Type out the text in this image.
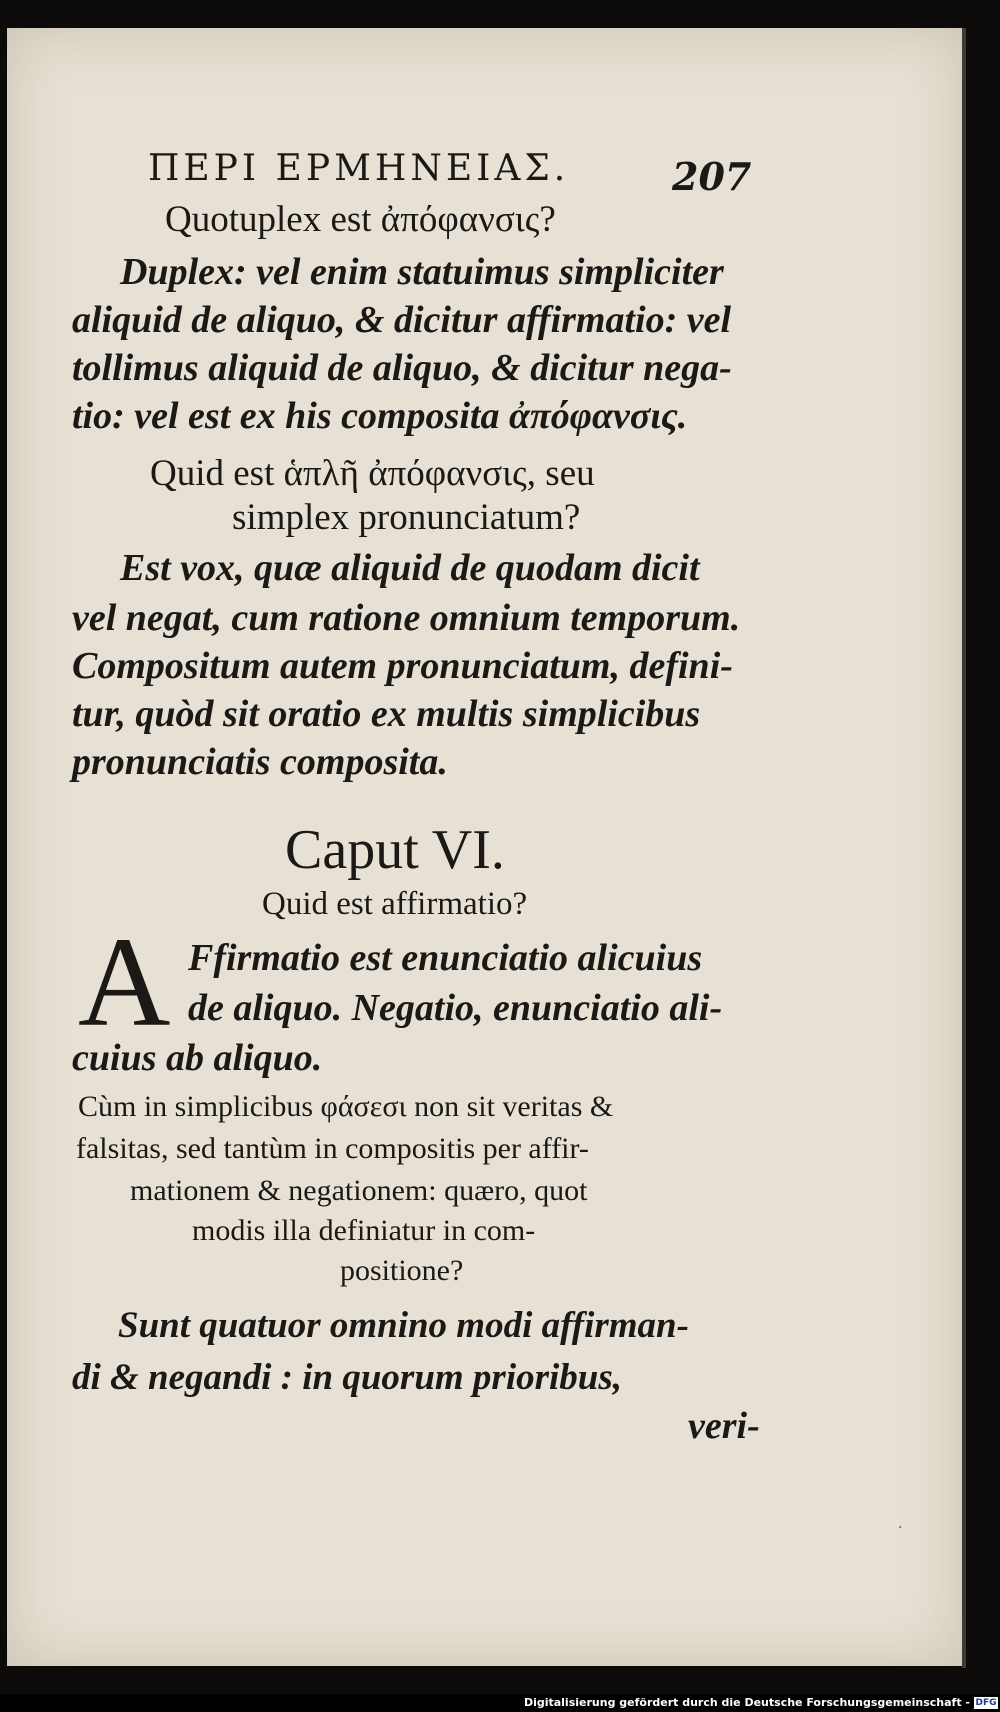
ΠΕΡΙ ΕΡΜΗΝΕΙΑΣ.	207
Quotuplex est ἀπόφανσις?
Duplex: vel enim statuimus simpliciter
aliquid de aliquo, & dicitur affirmatio: vel
tollimus aliquid de aliquo, & dicitur nega-
tio: vel est ex his composita ἀπόφανσις.
Quid est ἁπλῆ ἀπόφανσις, seu
simplex pronunciatum?
Est vox, quæ aliquid de quodam dicit
vel negat, cum ratione omnium temporum.
Compositum autem pronunciatum, defini-
tur, quòd sit oratio ex multis simplicibus
pronunciatis composita.
Caput VI.
Quid est affirmatio?
A Ffirmatio est enunciatio alicuius
de aliquo. Negatio, enunciatio ali-
cuius ab aliquo.
Cùm in simplicibus φάσεσι non sit veritas &
falsitas, sed tantùm in compositis per affir-
mationem & negationem: quæro, quot
modis illa definiatur in com-
positione?
Sunt quatuor omnino modi affirman-
di & negandi : in quorum prioribus,
veri-
·
Digitalisierung gefördert durch die Deutsche Forschungsgemeinschaft - DFG
